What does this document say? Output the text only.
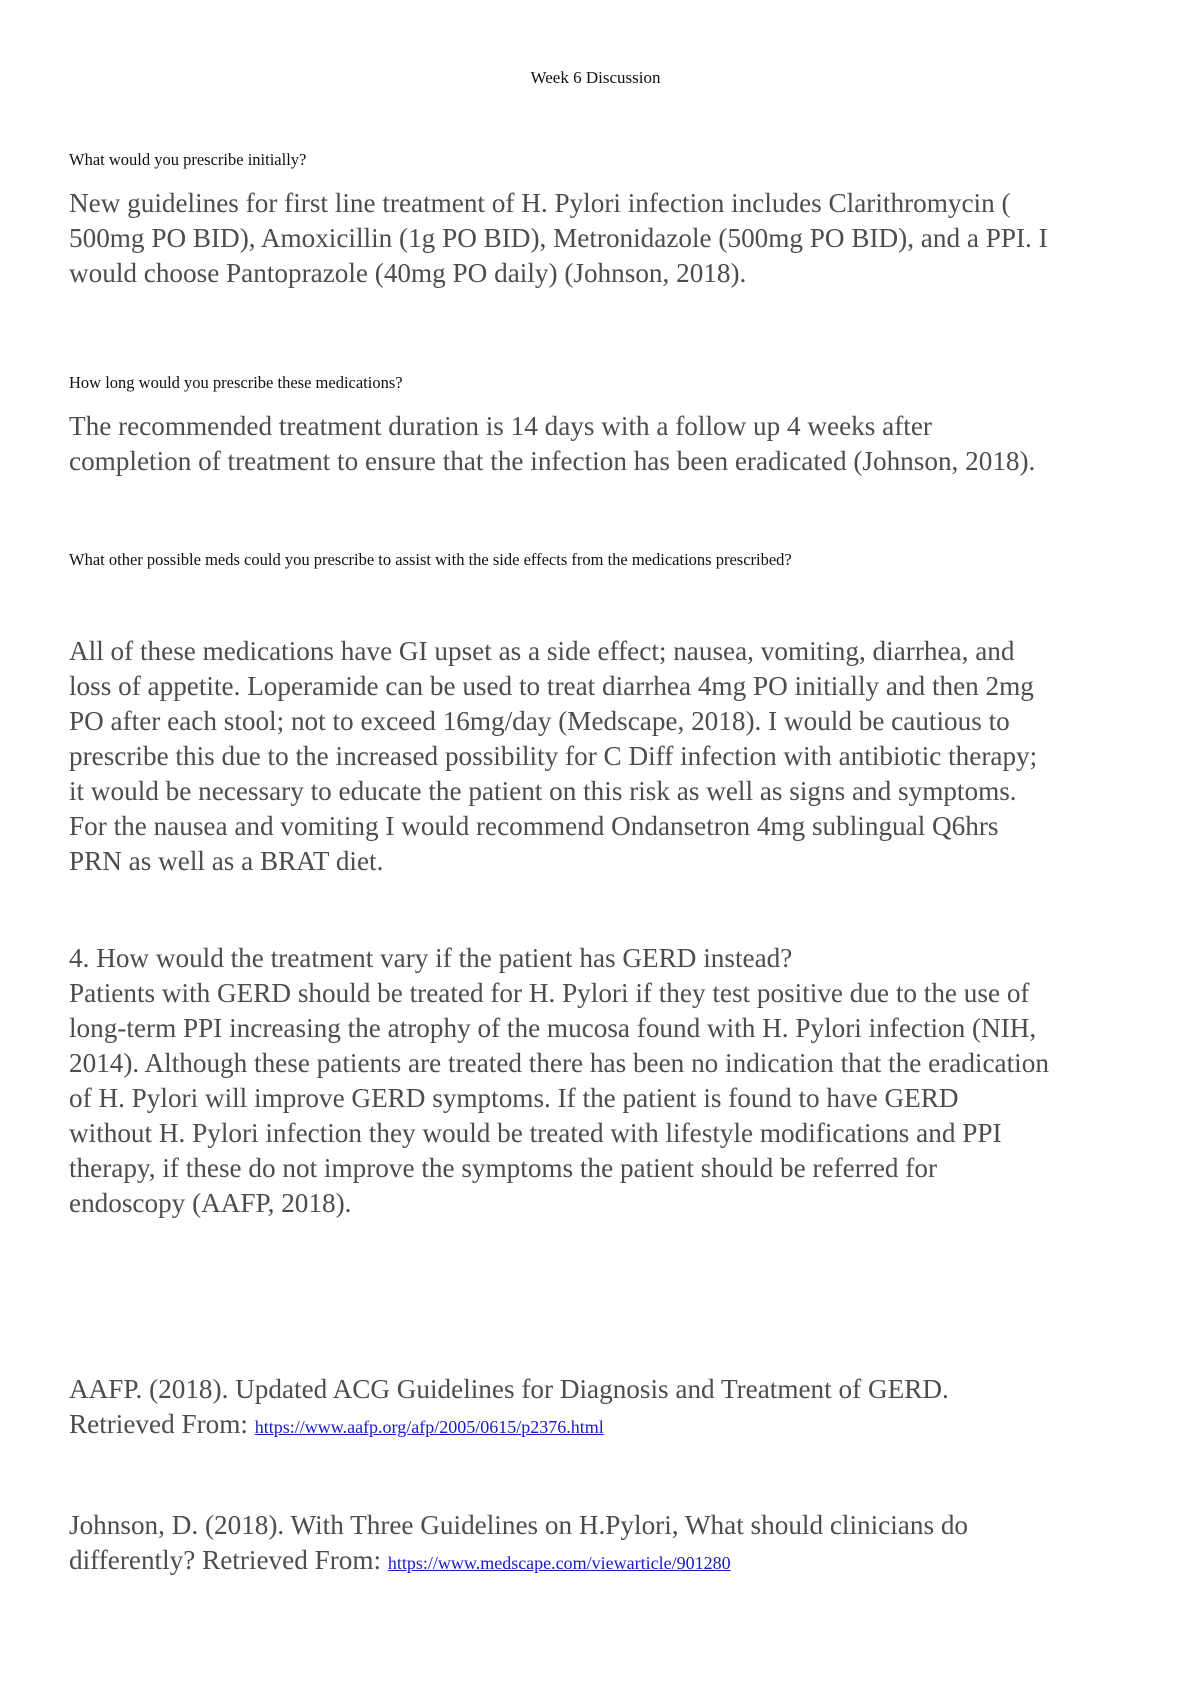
Week 6 Discussion
What would you prescribe initially?
New guidelines for first line treatment of H. Pylori infection includes Clarithromycin (
500mg PO BID), Amoxicillin (1g PO BID), Metronidazole (500mg PO BID), and a PPI. I
would choose Pantoprazole (40mg PO daily) (Johnson, 2018).
How long would you prescribe these medications?
The recommended treatment duration is 14 days with a follow up 4 weeks after
completion of treatment to ensure that the infection has been eradicated (Johnson, 2018).
What other possible meds could you prescribe to assist with the side effects from the medications prescribed?
All of these medications have GI upset as a side effect; nausea, vomiting, diarrhea, and
loss of appetite. Loperamide can be used to treat diarrhea 4mg PO initially and then 2mg
PO after each stool; not to exceed 16mg/day (Medscape, 2018). I would be cautious to
prescribe this due to the increased possibility for C Diff infection with antibiotic therapy;
it would be necessary to educate the patient on this risk as well as signs and symptoms.
For the nausea and vomiting I would recommend Ondansetron 4mg sublingual Q6hrs
PRN as well as a BRAT diet.
4. How would the treatment vary if the patient has GERD instead?
Patients with GERD should be treated for H. Pylori if they test positive due to the use of
long-term PPI increasing the atrophy of the mucosa found with H. Pylori infection (NIH,
2014). Although these patients are treated there has been no indication that the eradication
of H. Pylori will improve GERD symptoms. If the patient is found to have GERD
without H. Pylori infection they would be treated with lifestyle modifications and PPI
therapy, if these do not improve the symptoms the patient should be referred for
endoscopy (AAFP, 2018).
AAFP. (2018). Updated ACG Guidelines for Diagnosis and Treatment of GERD.
Retrieved From: https://www.aafp.org/afp/2005/0615/p2376.html
Johnson, D. (2018). With Three Guidelines on H.Pylori, What should clinicians do
differently? Retrieved From: https://www.medscape.com/viewarticle/901280
